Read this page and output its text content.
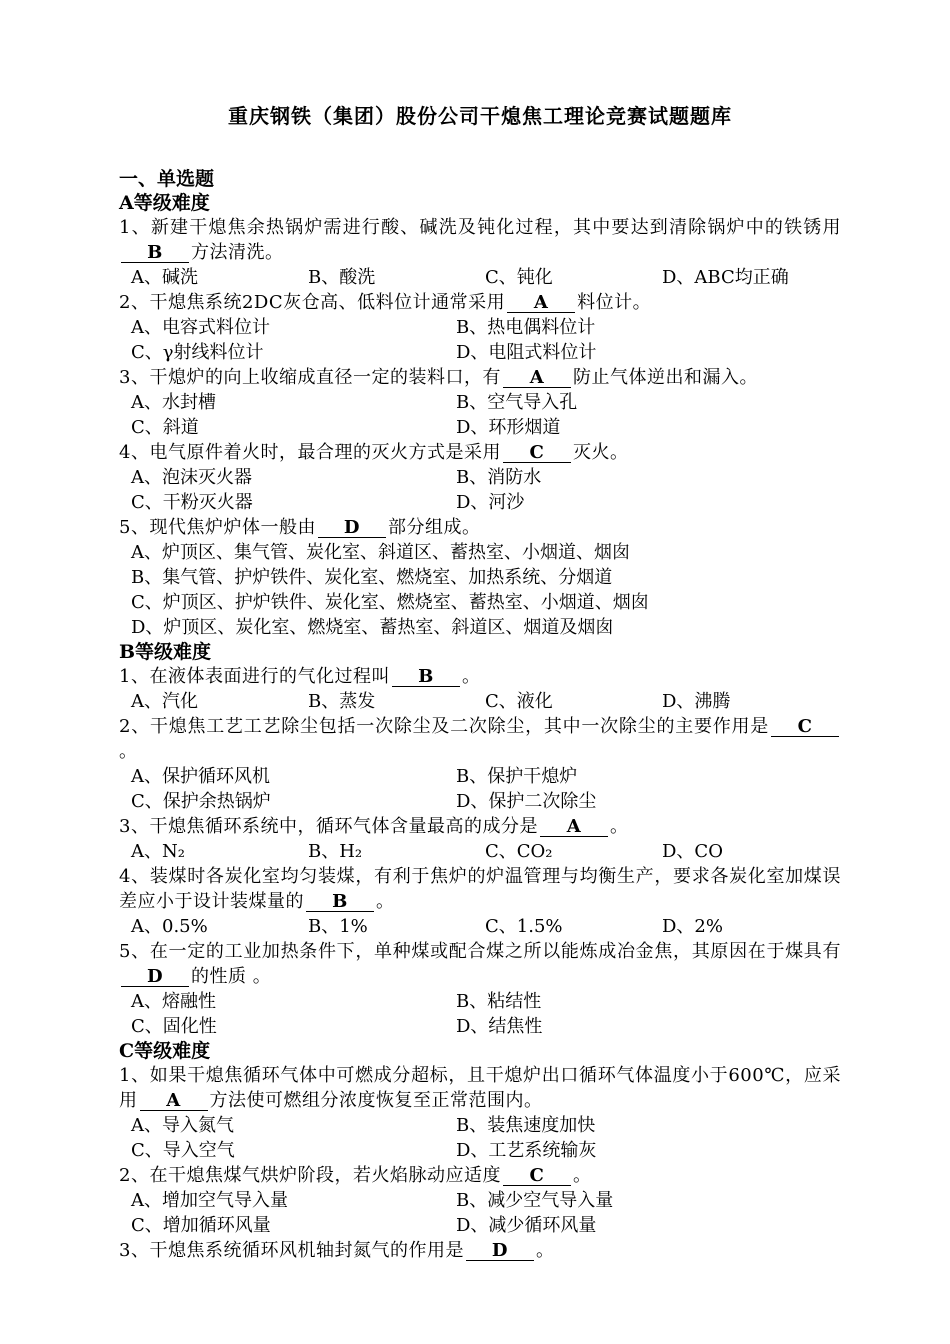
重庆钢铁（集团）股份公司干熄焦工理论竞赛试题题库
一、单选题
A等级难度
1、新建干熄焦余热锅炉需进行酸、碱洗及钝化过程，其中要达到清除锅炉中的铁锈用B 方法清洗。
A、碱洗	B、酸洗	C、钝化	D、ABC均正确
2、干熄焦系统2DC灰仓高、低料位计通常采用 A 料位计。
A、电容式料位计	B、热电偶料位计
C、γ射线料位计	D、电阻式料位计
3、干熄炉的向上收缩成直径一定的装料口，有 A 防止气体逆出和漏入。
A、水封槽	B、空气导入孔
C、斜道	D、环形烟道
4、电气原件着火时，最合理的灭火方式是采用 C 灭火。
A、泡沫灭火器	B、消防水
C、干粉灭火器	D、河沙
5、现代焦炉炉体一般由 D 部分组成。
A、炉顶区、集气管、炭化室、斜道区、蓄热室、小烟道、烟囱
B、集气管、护炉铁件、炭化室、燃烧室、加热系统、分烟道
C、炉顶区、护炉铁件、炭化室、燃烧室、蓄热室、小烟道、烟囱
D、炉顶区、炭化室、燃烧室、蓄热室、斜道区、烟道及烟囱
B等级难度
1、在液体表面进行的气化过程叫 B 。
A、汽化	B、蒸发	C、液化	D、沸腾
2、干熄焦工艺工艺除尘包括一次除尘及二次除尘，其中一次除尘的主要作用是 C。
A、保护循环风机	B、保护干熄炉
C、保护余热锅炉	D、保护二次除尘
3、干熄焦循环系统中，循环气体含量最高的成分是 A 。
A、N₂	B、H₂	C、CO₂	D、CO
4、装煤时各炭化室均匀装煤，有利于焦炉的炉温管理与均衡生产，要求各炭化室加煤误差应小于设计装煤量的 B 。
A、0.5%	B、1%	C、1.5%	D、2%
5、在一定的工业加热条件下，单种煤或配合煤之所以能炼成冶金焦，其原因在于煤具有D 的性质 。
A、熔融性	B、粘结性
C、固化性	D、结焦性
C等级难度
1、如果干熄焦循环气体中可燃成分超标，且干熄炉出口循环气体温度小于600℃，应采用 A 方法使可燃组分浓度恢复至正常范围内。
A、导入氮气	B、装焦速度加快
C、导入空气	D、工艺系统输灰
2、在干熄焦煤气烘炉阶段，若火焰脉动应适度 C 。
A、增加空气导入量	B、减少空气导入量
C、增加循环风量	D、减少循环风量
3、干熄焦系统循环风机轴封氮气的作用是 D 。
